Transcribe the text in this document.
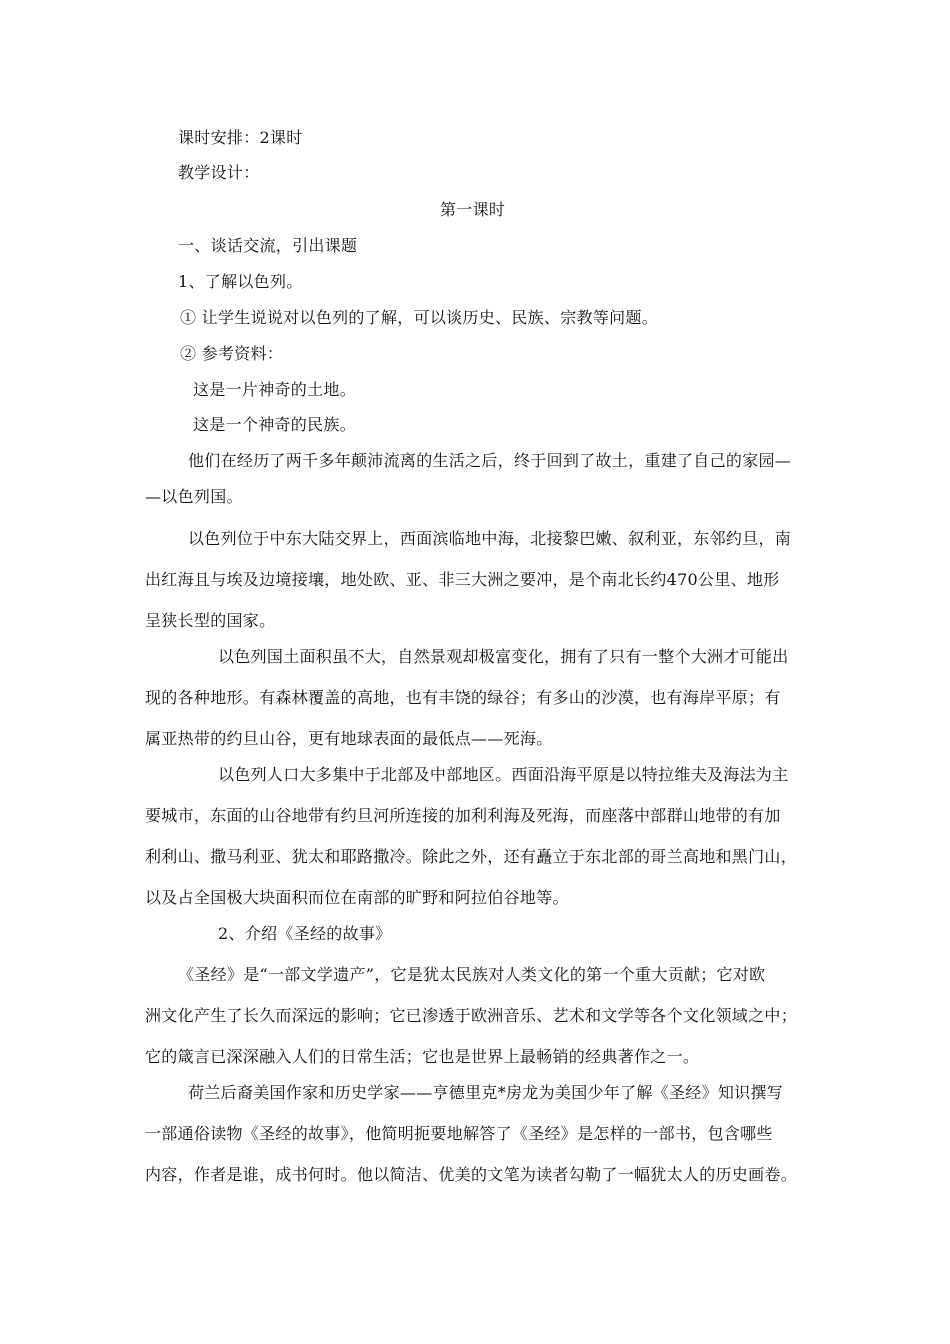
课时安排：2课时
教学设计：
第一课时
一、谈话交流，引出课题
1、了解以色列。
① 让学生说说对以色列的了解，可以谈历史、民族、宗教等问题。
② 参考资料：
这是一片神奇的土地。
这是一个神奇的民族。
他们在经历了两千多年颠沛流离的生活之后，终于回到了故土，重建了自己的家园—
—以色列国。
以色列位于中东大陆交界上，西面滨临地中海，北接黎巴嫩、叙利亚，东邻约旦，南
出红海且与埃及边境接壤，地处欧、亚、非三大洲之要冲，是个南北长约470公里、地形
呈狭长型的国家。
以色列国土面积虽不大，自然景观却极富变化，拥有了只有一整个大洲才可能出
现的各种地形。有森林覆盖的高地，也有丰饶的绿谷；有多山的沙漠，也有海岸平原；有
属亚热带的约旦山谷，更有地球表面的最低点——死海。
以色列人口大多集中于北部及中部地区。西面沿海平原是以特拉维夫及海法为主
要城市，东面的山谷地带有约旦河所连接的加利利海及死海，而座落中部群山地带的有加
利利山、撒马利亚、犹太和耶路撒冷。除此之外，还有矗立于东北部的哥兰高地和黑门山，
以及占全国极大块面积而位在南部的旷野和阿拉伯谷地等。
2、介绍《圣经的故事》
《圣经》是“一部文学遗产”，它是犹太民族对人类文化的第一个重大贡献；它对欧
洲文化产生了长久而深远的影响；它已渗透于欧洲音乐、艺术和文学等各个文化领域之中；
它的箴言已深深融入人们的日常生活；它也是世界上最畅销的经典著作之一。
荷兰后裔美国作家和历史学家——亨德里克*房龙为美国少年了解《圣经》知识撰写
一部通俗读物《圣经的故事》，他简明扼要地解答了《圣经》是怎样的一部书，包含哪些
内容，作者是谁，成书何时。他以简洁、优美的文笔为读者勾勒了一幅犹太人的历史画卷。
